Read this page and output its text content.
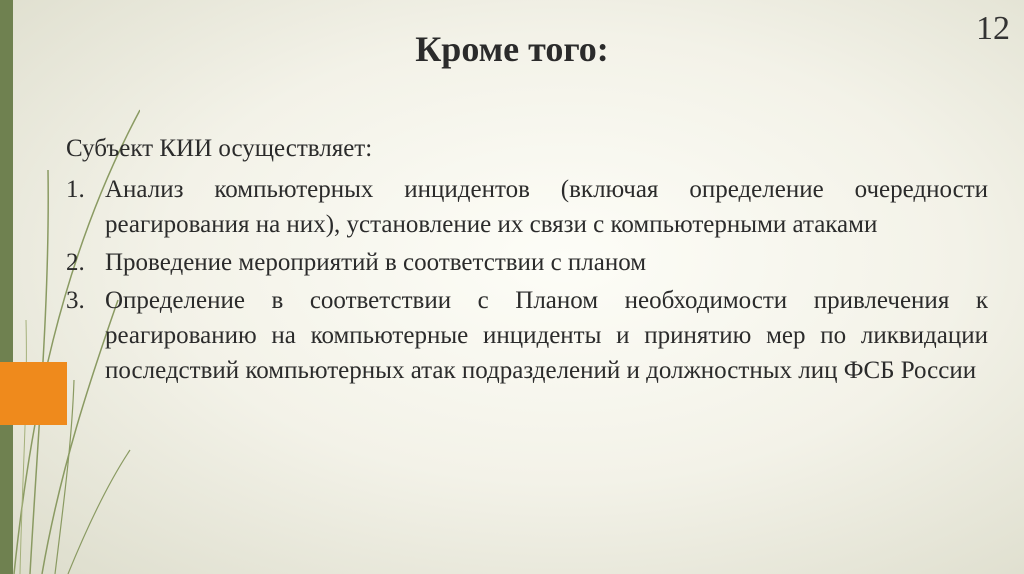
12
Кроме того:
Субъект КИИ осуществляет:
1. Анализ компьютерных инцидентов (включая определение очередности реагирования на них), установление их связи с компьютерными атаками
2. Проведение мероприятий в соответствии с планом
3. Определение в соответствии с Планом необходимости привлечения к реагированию на компьютерные инциденты и принятию мер по ликвидации последствий компьютерных атак подразделений и должностных лиц ФСБ России
